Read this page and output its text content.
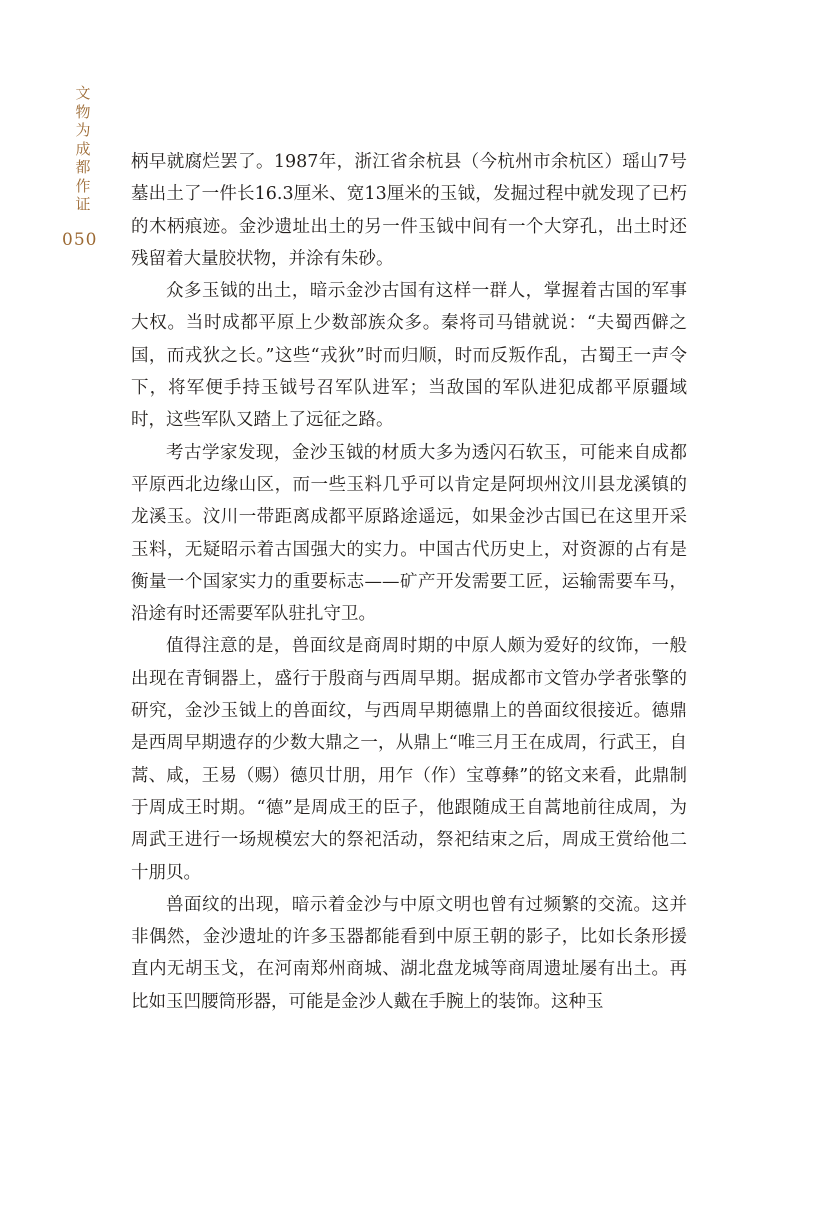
文物为成都作证
050

柄早就腐烂罢了。1987年，浙江省余杭县（今杭州市余杭区）瑶山7号墓出土了一件长16.3厘米、宽13厘米的玉钺，发掘过程中就发现了已朽的木柄痕迹。金沙遗址出土的另一件玉钺中间有一个大穿孔，出土时还残留着大量胶状物，并涂有朱砂。

众多玉钺的出土，暗示金沙古国有这样一群人，掌握着古国的军事大权。当时成都平原上少数部族众多。秦将司马错就说：“夫蜀西僻之国，而戎狄之长。”这些“戎狄”时而归顺，时而反叛作乱，古蜀王一声令下，将军便手持玉钺号召军队进军；当敌国的军队进犯成都平原疆域时，这些军队又踏上了远征之路。

考古学家发现，金沙玉钺的材质大多为透闪石软玉，可能来自成都平原西北边缘山区，而一些玉料几乎可以肯定是阿坝州汶川县龙溪镇的龙溪玉。汶川一带距离成都平原路途遥远，如果金沙古国已在这里开采玉料，无疑昭示着古国强大的实力。中国古代历史上，对资源的占有是衡量一个国家实力的重要标志——矿产开发需要工匠，运输需要车马，沿途有时还需要军队驻扎守卫。

值得注意的是，兽面纹是商周时期的中原人颇为爱好的纹饰，一般出现在青铜器上，盛行于殷商与西周早期。据成都市文管办学者张擎的研究，金沙玉钺上的兽面纹，与西周早期德鼎上的兽面纹很接近。德鼎是西周早期遗存的少数大鼎之一，从鼎上“唯三月王在成周，行武王，自蒿、咸，王易（赐）德贝廿朋，用乍（作）宝尊彝”的铭文来看，此鼎制于周成王时期。“德”是周成王的臣子，他跟随成王自蒿地前往成周，为周武王进行一场规模宏大的祭祀活动，祭祀结束之后，周成王赏给他二十朋贝。

兽面纹的出现，暗示着金沙与中原文明也曾有过频繁的交流。这并非偶然，金沙遗址的许多玉器都能看到中原王朝的影子，比如长条形援直内无胡玉戈，在河南郑州商城、湖北盘龙城等商周遗址屡有出土。再比如玉凹腰筒形器，可能是金沙人戴在手腕上的装饰。这种玉
